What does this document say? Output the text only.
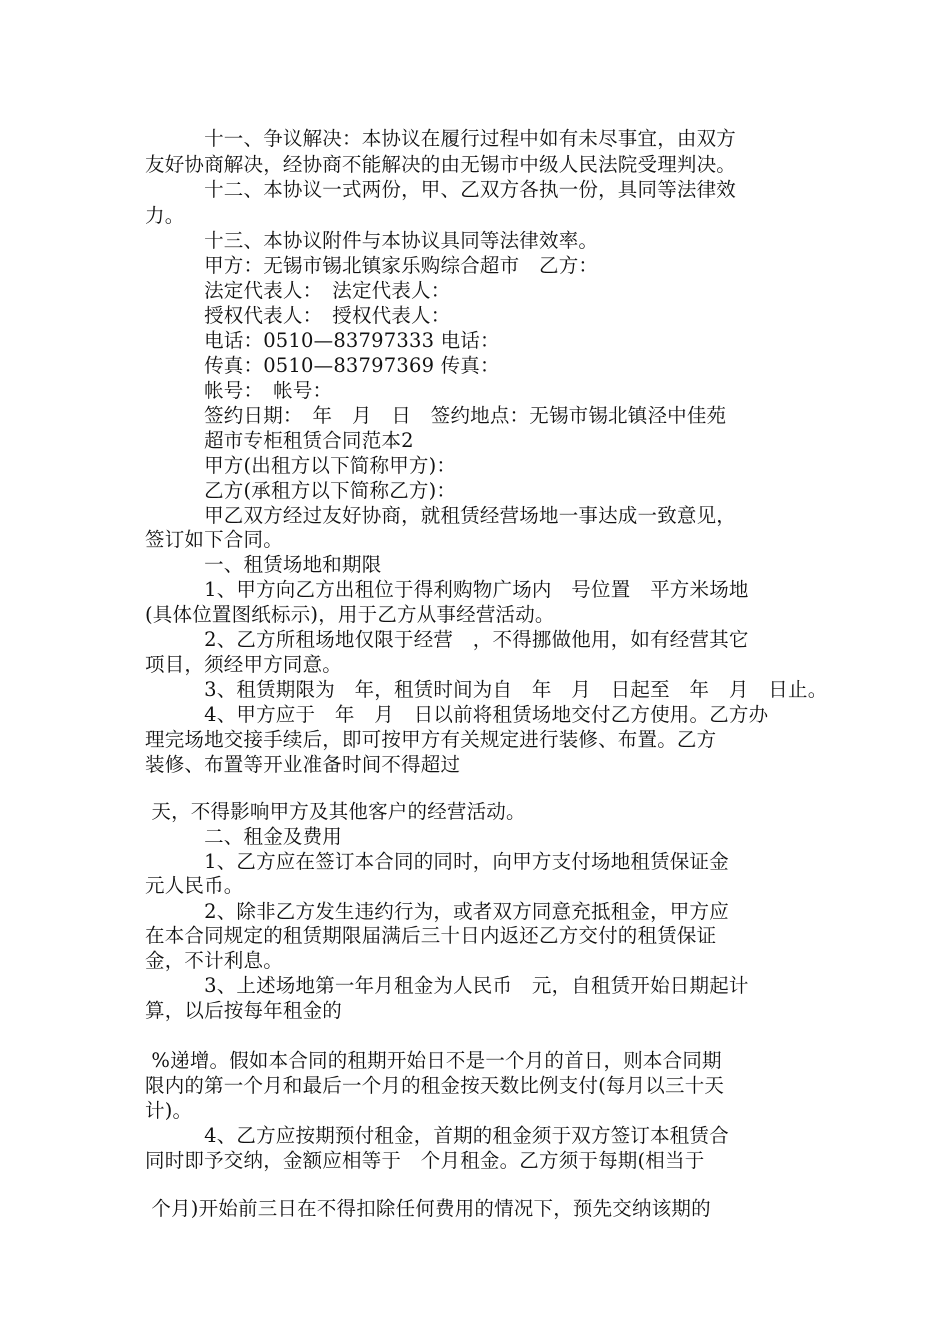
　　　十一、争议解决：本协议在履行过程中如有未尽事宜，由双方
友好协商解决，经协商不能解决的由无锡市中级人民法院受理判决。
　　　十二、本协议一式两份，甲、乙双方各执一份，具同等法律效
力。
　　　十三、本协议附件与本协议具同等法律效率。
　　　甲方：无锡市锡北镇家乐购综合超市　乙方：
　　　法定代表人：　法定代表人：
　　　授权代表人：　授权代表人：
　　　电话：0510—83797333 电话：
　　　传真：0510—83797369 传真：
　　　帐号：　帐号：
　　　签约日期：　年　月　日　签约地点：无锡市锡北镇泾中佳苑
　　　超市专柜租赁合同范本2
　　　甲方(出租方以下简称甲方)：
　　　乙方(承租方以下简称乙方)：
　　　甲乙双方经过友好协商，就租赁经营场地一事达成一致意见，
签订如下合同。
　　　一、租赁场地和期限
　　　1、甲方向乙方出租位于得利购物广场内　号位置　平方米场地
(具体位置图纸标示)，用于乙方从事经营活动。
　　　2、乙方所租场地仅限于经营　，不得挪做他用，如有经营其它
项目，须经甲方同意。
　　　3、租赁期限为　年，租赁时间为自　年　月　日起至　年　月　日止。
　　　4、甲方应于　年　月　日以前将租赁场地交付乙方使用。乙方办
理完场地交接手续后，即可按甲方有关规定进行装修、布置。乙方
装修、布置等开业准备时间不得超过
天，不得影响甲方及其他客户的经营活动。
　　　二、租金及费用
　　　1、乙方应在签订本合同的同时，向甲方支付场地租赁保证金
元人民币。
　　　2、除非乙方发生违约行为，或者双方同意充抵租金，甲方应
在本合同规定的租赁期限届满后三十日内返还乙方交付的租赁保证
金，不计利息。
　　　3、上述场地第一年月租金为人民币　元，自租赁开始日期起计
算，以后按每年租金的
%递增。假如本合同的租期开始日不是一个月的首日，则本合同期
限内的第一个月和最后一个月的租金按天数比例支付(每月以三十天
计)。
　　　4、乙方应按期预付租金，首期的租金须于双方签订本租赁合
同时即予交纳，金额应相等于　个月租金。乙方须于每期(相当于
个月)开始前三日在不得扣除任何费用的情况下，预先交纳该期的
